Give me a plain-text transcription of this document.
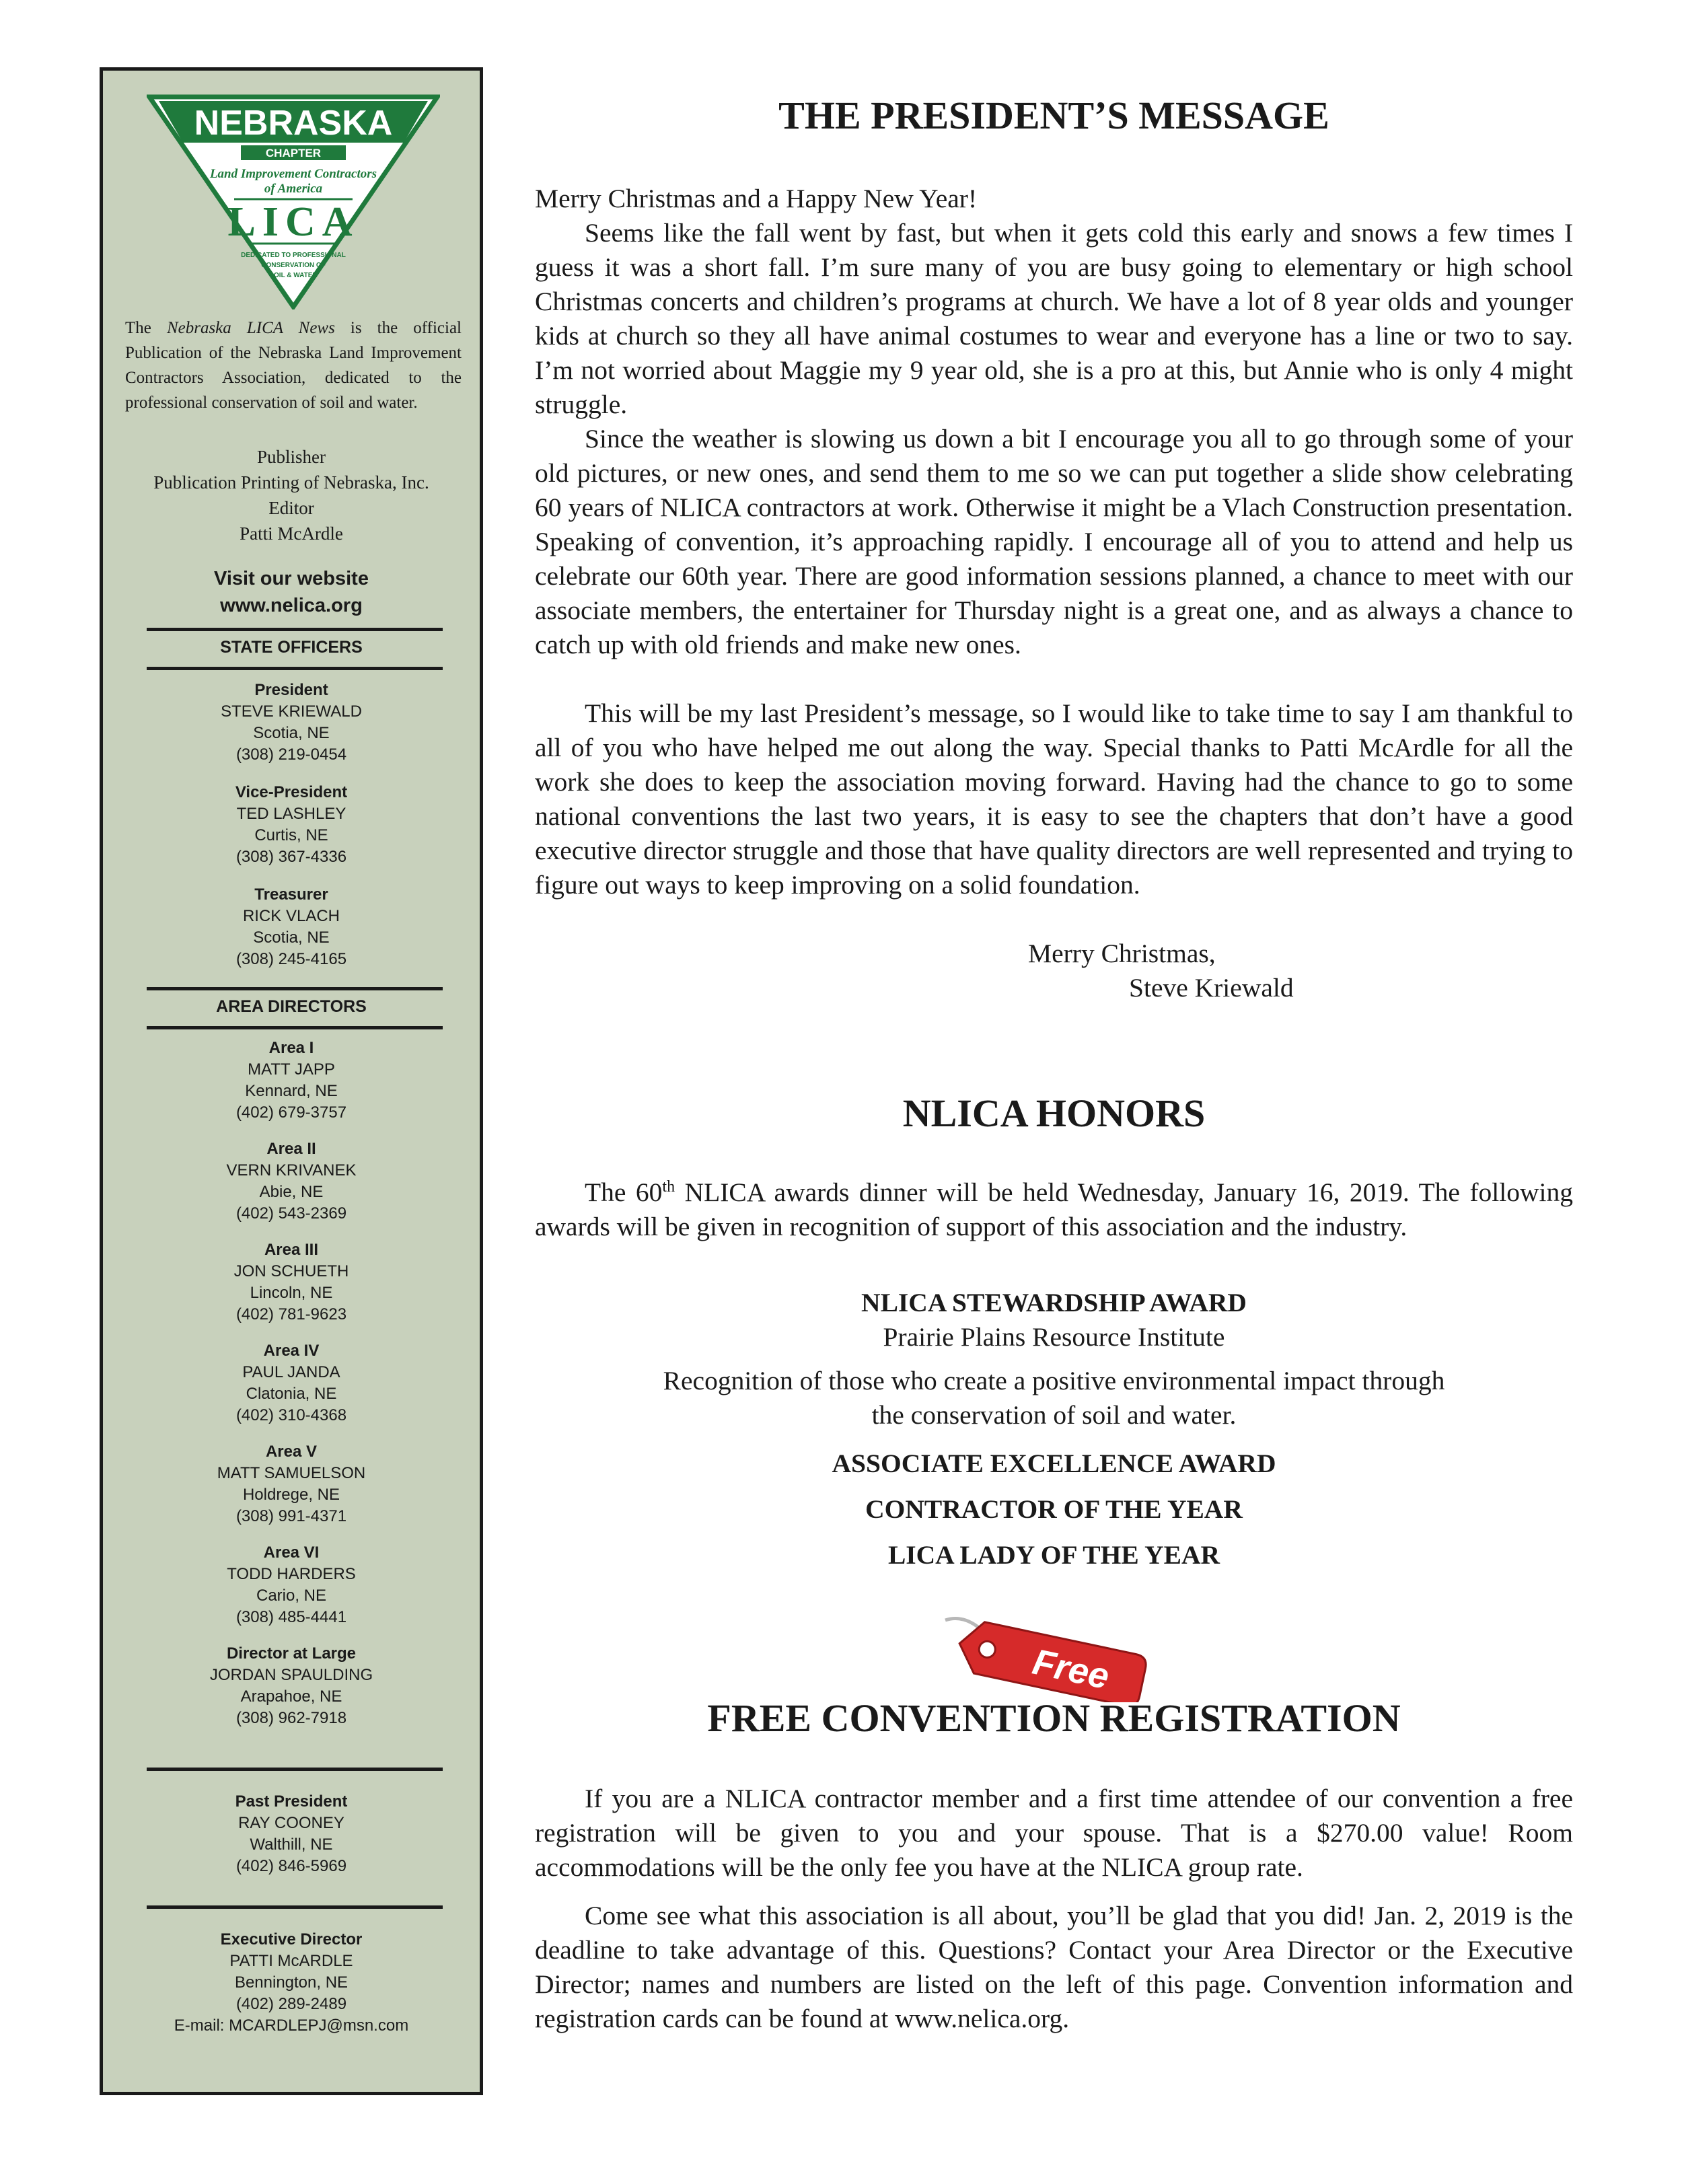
NEBRASKA
CHAPTER
Land Improvement Contractors
of America
LICA
DEDICATED TO PROFESSIONAL
CONSERVATION OF
SOIL & WATER

The Nebraska LICA News is the official Publication of the Nebraska Land Improvement Contractors Association, dedicated to the professional conservation of soil and water.

Publisher
Publication Printing of Nebraska, Inc.
Editor
Patti McArdle
Visit our website
www.nelica.org
STATE OFFICERS
President
STEVE KRIEWALD
Scotia, NE
(308) 219-0454
Vice-President
TED LASHLEY
Curtis, NE
(308) 367-4336
Treasurer
RICK VLACH
Scotia, NE
(308) 245-4165
AREA DIRECTORS
Area I
MATT JAPP
Kennard, NE
(402) 679-3757
Area II
VERN KRIVANEK
Abie, NE
(402) 543-2369
Area III
JON SCHUETH
Lincoln, NE
(402) 781-9623
Area IV
PAUL JANDA
Clatonia, NE
(402) 310-4368
Area V
MATT SAMUELSON
Holdrege, NE
(308) 991-4371
Area VI
TODD HARDERS
Cario, NE
(308) 485-4441
Director at Large
JORDAN SPAULDING
Arapahoe, NE
(308) 962-7918
Past President
RAY COONEY
Walthill, NE
(402) 846-5969
Executive Director
PATTI McARDLE
Bennington, NE
(402) 289-2489
E-mail: MCARDLEPJ@msn.com
THE PRESIDENT’S MESSAGE

Merry Christmas and a Happy New Year!

Seems like the fall went by fast, but when it gets cold this early and snows a few times I guess it was a short fall. I’m sure many of you are busy going to elementary or high school Christmas concerts and children’s programs at church. We have a lot of 8 year olds and younger kids at church so they all have animal costumes to wear and everyone has a line or two to say. I’m not worried about Maggie my 9 year old, she is a pro at this, but Annie who is only 4 might struggle.

Since the weather is slowing us down a bit I encourage you all to go through some of your old pictures, or new ones, and send them to me so we can put together a slide show celebrating 60 years of NLICA contractors at work. Otherwise it might be a Vlach Construction presentation. Speaking of convention, it’s approaching rapidly. I encourage all of you to attend and help us celebrate our 60th year. There are good information sessions planned, a chance to meet with our associate members, the entertainer for Thursday night is a great one, and as always a chance to catch up with old friends and make new ones.

This will be my last President’s message, so I would like to take time to say I am thankful to all of you who have helped me out along the way. Special thanks to Patti McArdle for all the work she does to keep the association moving forward. Having had the chance to go to some national conventions the last two years, it is easy to see the chapters that don’t have a good executive director struggle and those that have quality directors are well represented and trying to figure out ways to keep improving on a solid foundation.

Merry Christmas,

Steve Kriewald

NLICA HONORS

The 60th NLICA awards dinner will be held Wednesday, January 16, 2019. The following awards will be given in recognition of support of this association and the industry.

NLICA STEWARDSHIP AWARD

Prairie Plains Resource Institute

Recognition of those who create a positive environmental impact through

the conservation of soil and water.

ASSOCIATE EXCELLENCE AWARD

CONTRACTOR OF THE YEAR

LICA LADY OF THE YEAR

FREE CONVENTION REGISTRATION

If you are a NLICA contractor member and a first time attendee of our convention a free registration will be given to you and your spouse. That is a $270.00 value! Room accommodations will be the only fee you have at the NLICA group rate.

Come see what this association is all about, you’ll be glad that you did! Jan. 2, 2019 is the deadline to take advantage of this. Questions? Contact your Area Director or the Executive Director; names and numbers are listed on the left of this page. Convention information and registration cards can be found at www.nelica.org.

Free
